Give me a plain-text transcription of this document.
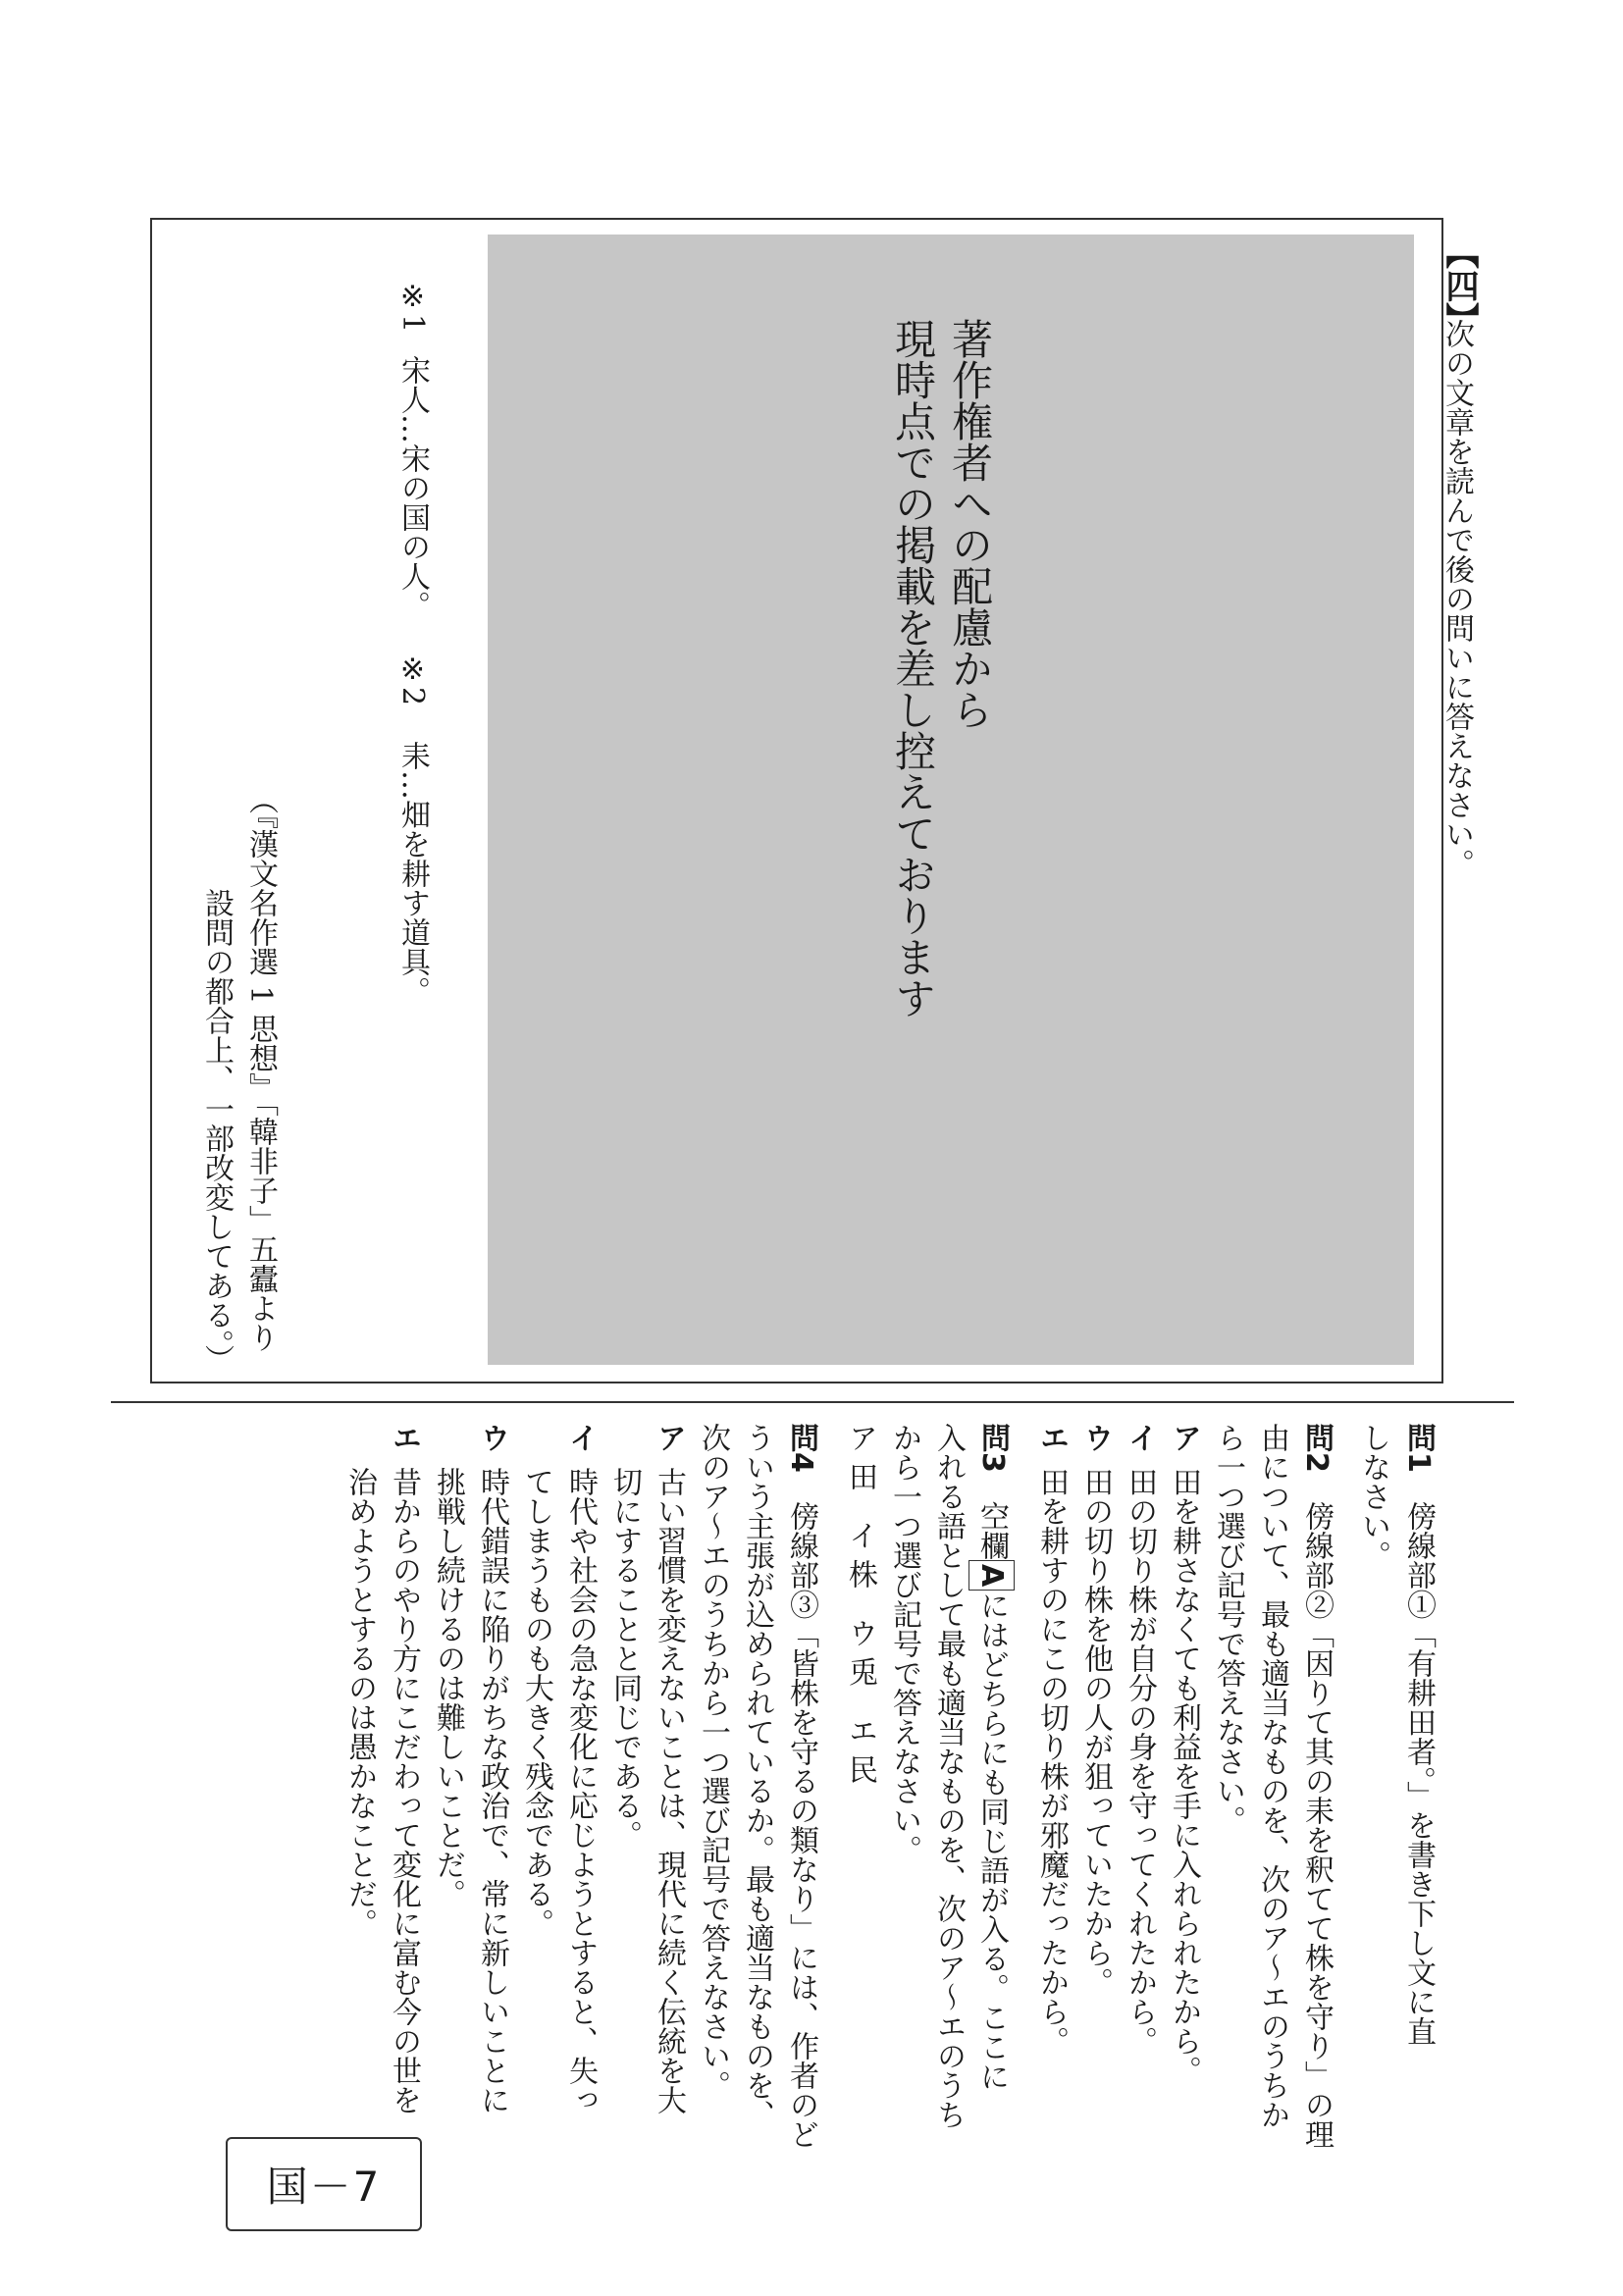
【四】
次の文章を読んで後の問いに答えなさい。
著作権者への配慮から
現時点での掲載を差し控えております
※1
宋人…宋の国の人。
※2
耒…畑を耕す道具。
（『漢文名作選 1 思想』「韓非子」五蠹より
設問の都合上、一部改変してある。）
問1
傍線部①「有耕田者。」を書き下し文に直
しなさい。
問2
傍線部②「因りて其の耒を釈てて株を守り」の理
由について、最も適当なものを、次のア～エのうちか
ら一つ選び記号で答えなさい。
ア
田を耕さなくても利益を手に入れられたから。
イ
田の切り株が自分の身を守ってくれたから。
ウ
田の切り株を他の人が狙っていたから。
エ
田を耕すのにこの切り株が邪魔だったから。
問3
空欄Aにはどちらにも同じ語が入る。ここに
入れる語として最も適当なものを、次のア～エのうち
から一つ選び記号で答えなさい。
ア 田　イ 株　ウ 兎　エ 民
問4
傍線部③「皆株を守るの類なり」には、作者のど
ういう主張が込められているか。最も適当なものを、
次のア～エのうちから一つ選び記号で答えなさい。
ア
古い習慣を変えないことは、現代に続く伝統を大
切にすることと同じである。
イ
時代や社会の急な変化に応じようとすると、失っ
てしまうものも大きく残念である。
ウ
時代錯誤に陥りがちな政治で、常に新しいことに
挑戦し続けるのは難しいことだ。
エ
昔からのやり方にこだわって変化に富む今の世を
治めようとするのは愚かなことだ。
国－7
